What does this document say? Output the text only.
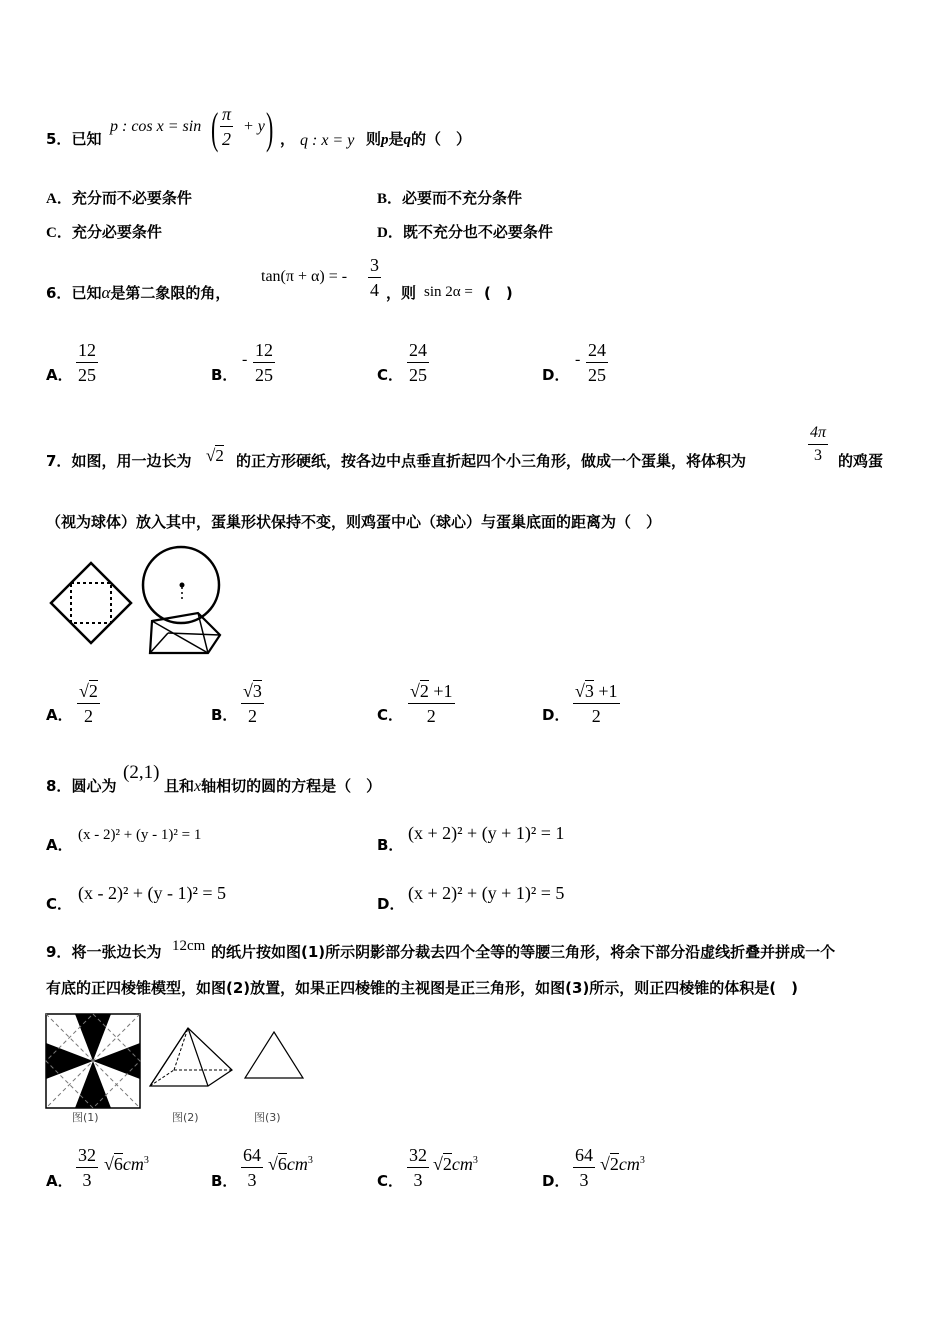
5．已知
p : cos x = sin ( $\frac{\pi}{2} + y$ ) ， q : x = y 则p是q的（　）
A．充分而不必要条件	B．必要而不充分条件
C．充分必要条件	D．既不充分也不必要条件
6．已知α是第二象限的角，
tan(π + α) = - $\frac{3}{4}$ ，则 sin 2α = (　)
A． $\frac{12}{25}$	B．
- $\frac{12}{25}$	C． $\frac{24}{25}$	D．
- $\frac{24}{25}$
7．如图，用一边长为 √2 的正方形硬纸，按各边中点垂直折起四个小三角形，做成一个蛋巢，将体积为	$\frac{4\pi}{3}$ 的鸡蛋
（视为球体）放入其中，蛋巢形状保持不变，则鸡蛋中心（球心）与蛋巢底面的距离为（　）
A． $\frac{√2}{2}$	B． $\frac{√3}{2}$	C． $\frac{√2 +1}{2}$	D． $\frac{√3 +1}{2}$
8．圆心为
(2,1)
且和x轴相切的圆的方程是（　）
A．
(x - 2)² + (y - 1)² = 1
B．
(x + 2)² + (y + 1)² = 1
C．
(x - 2)² + (y - 1)² = 5
D．
(x + 2)² + (y + 1)² = 5
9．将一张边长为 12cm 的纸片按如图(1)所示阴影部分裁去四个全等的等腰三角形，将余下部分沿虚线折叠并拼成一个
有底的正四棱锥模型，如图(2)放置，如果正四棱锥的主视图是正三角形，如图(3)所示，则正四棱锥的体积是(　)
图(1)	图(2)	图(3)
A． $\frac{32}{3} √6cm^3$
B． $\frac{64}{3} √6cm^3$
C． $\frac{32}{3} √2cm^3$
D． $\frac{64}{3} √2cm^3$
